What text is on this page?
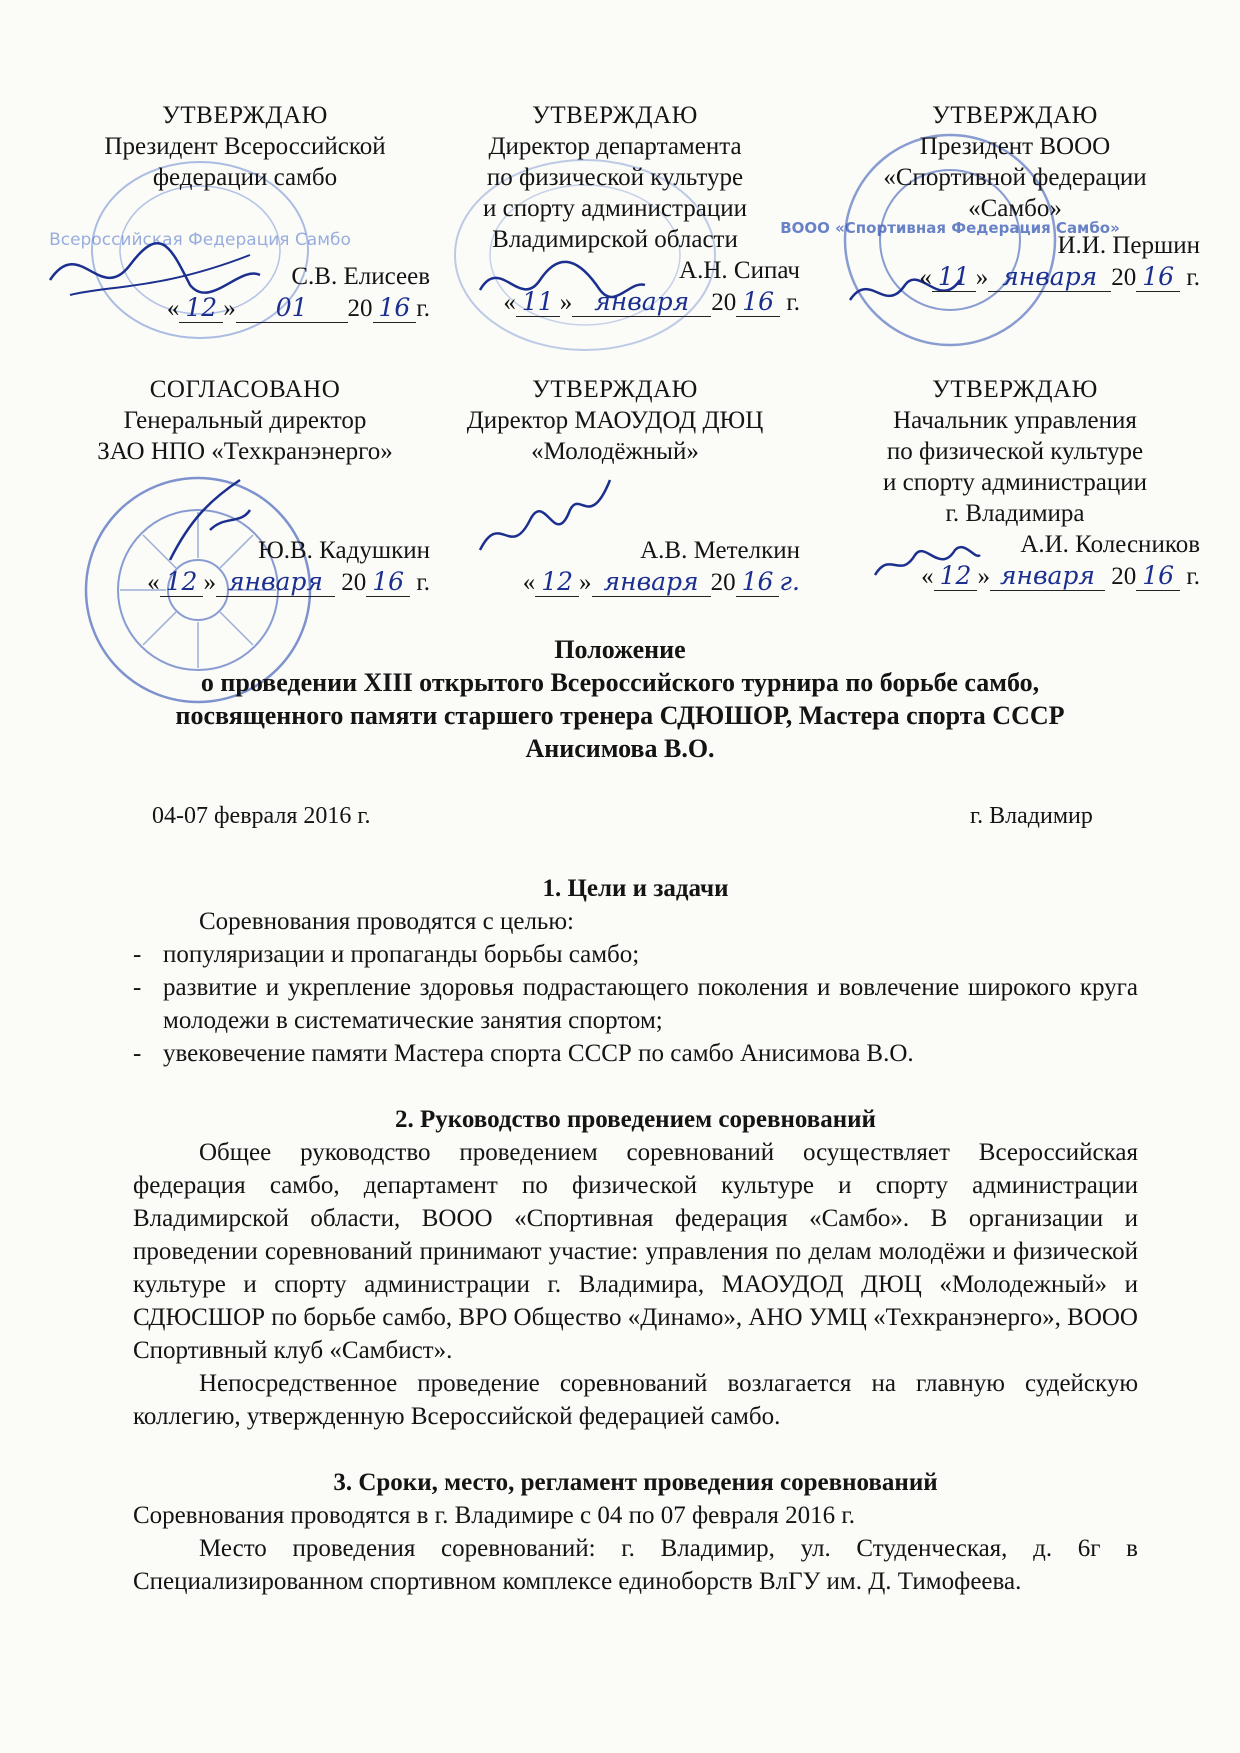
Всероссийская Федерация Самбо
ВООО «Спортивная Федерация Самбо»
УТВЕРЖДАЮ
Президент Всероссийской
федерации самбо

С.В. Елисеев
« 12 » 01 20 16 г.
УТВЕРЖДАЮ
Директор департамента
по физической культуре
и спорту администрации
Владимирской области
А.Н. Сипач
« 11 » января 20 16 г.
УТВЕРЖДАЮ
Президент ВООО
«Спортивной федерации
«Самбо»
И.И. Першин
« 11 » января 20 16 г.
СОГЛАСОВАНО
Генеральный директор
ЗАО НПО «Техкранэнерго»

Ю.В. Кадушкин
« 12 » января 20 16 г.
УТВЕРЖДАЮ
Директор МАОУДОД ДЮЦ
«Молодёжный»

А.В. Метелкин
« 12 » января 20 16 г.
УТВЕРЖДАЮ
Начальник управления
по физической культуре
и спорту администрации
г. Владимира
А.И. Колесников
« 12 » января 20 16 г.
Положение
о проведении XIII открытого Всероссийского турнира по борьбе самбо,
посвященного памяти старшего тренера СДЮШОР, Мастера спорта СССР
Анисимова В.О.
04-07 февраля 2016 г.	г. Владимир
1. Цели и задачи

Соревнования проводятся с целью:

- популяризации и пропаганды борьбы самбо;
- развитие и укрепление здоровья подрастающего поколения и вовлечение широкого круга молодежи в систематические занятия спортом;
- увековечение памяти Мастера спорта СССР по самбо Анисимова В.О.
2. Руководство проведением соревнований

Общее руководство проведением соревнований осуществляет Всероссийская федерация самбо, департамент по физической культуре и спорту администрации Владимирской области, ВООО «Спортивная федерация «Самбо». В организации и проведении соревнований принимают участие: управления по делам молодёжи и физической культуре и спорту администрации г. Владимира, МАОУДОД ДЮЦ «Молодежный» и СДЮСШОР по борьбе самбо, ВРО Общество «Динамо», АНО УМЦ «Техкранэнерго», ВООО Спортивный клуб «Самбист».

Непосредственное проведение соревнований возлагается на главную судейскую коллегию, утвержденную Всероссийской федерацией самбо.

3. Сроки, место, регламент проведения соревнований

Соревнования проводятся в г. Владимире с 04 по 07 февраля 2016 г.

Место проведения соревнований: г. Владимир, ул. Студенческая, д. 6г в Специализированном спортивном комплексе единоборств ВлГУ им. Д. Тимофеева.
